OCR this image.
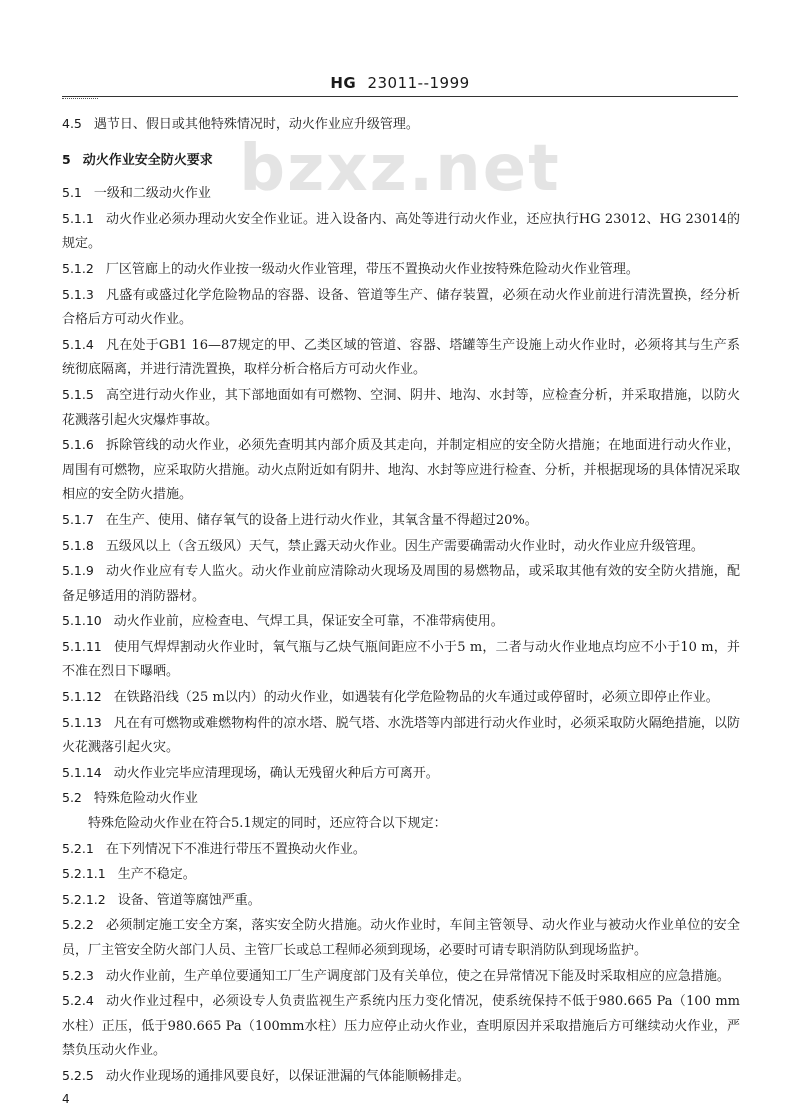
HG 23011--1999
bzxz.net

4.5 遇节日、假日或其他特殊情况时，动火作业应升级管理。

5 动火作业安全防火要求

5.1 一级和二级动火作业

5.1.1 动火作业必须办理动火安全作业证。进入设备内、高处等进行动火作业，还应执行HG 23012、HG 23014的规定。

5.1.2 厂区管廊上的动火作业按一级动火作业管理，带压不置换动火作业按特殊危险动火作业管理。

5.1.3 凡盛有或盛过化学危险物品的容器、设备、管道等生产、储存装置，必须在动火作业前进行清洗置换，经分析合格后方可动火作业。

5.1.4 凡在处于GB1 16—87规定的甲、乙类区域的管道、容器、塔罐等生产设施上动火作业时，必须将其与生产系统彻底隔离，并进行清洗置换，取样分析合格后方可动火作业。

5.1.5 高空进行动火作业，其下部地面如有可燃物、空洞、阴井、地沟、水封等，应检查分析，并采取措施，以防火花溅落引起火灾爆炸事故。

5.1.6 拆除管线的动火作业，必须先查明其内部介质及其走向，并制定相应的安全防火措施；在地面进行动火作业，周围有可燃物，应采取防火措施。动火点附近如有阴井、地沟、水封等应进行检查、分析，并根据现场的具体情况采取相应的安全防火措施。

5.1.7 在生产、使用、储存氧气的设备上进行动火作业，其氧含量不得超过20%。

5.1.8 五级风以上（含五级风）天气，禁止露天动火作业。因生产需要确需动火作业时，动火作业应升级管理。

5.1.9 动火作业应有专人监火。动火作业前应清除动火现场及周围的易燃物品，或采取其他有效的安全防火措施，配备足够适用的消防器材。

5.1.10 动火作业前，应检查电、气焊工具，保证安全可靠，不准带病使用。

5.1.11 使用气焊焊割动火作业时，氧气瓶与乙炔气瓶间距应不小于5 m，二者与动火作业地点均应不小于10 m，并不准在烈日下曝晒。

5.1.12 在铁路沿线（25 m以内）的动火作业，如遇装有化学危险物品的火车通过或停留时，必须立即停止作业。

5.1.13 凡在有可燃物或难燃物构件的凉水塔、脱气塔、水洗塔等内部进行动火作业时，必须采取防火隔绝措施，以防火花溅落引起火灾。

5.1.14 动火作业完毕应清理现场，确认无残留火种后方可离开。

5.2 特殊危险动火作业

特殊危险动火作业在符合5.1规定的同时，还应符合以下规定：

5.2.1 在下列情况下不准进行带压不置换动火作业。

5.2.1.1 生产不稳定。

5.2.1.2 设备、管道等腐蚀严重。

5.2.2 必须制定施工安全方案，落实安全防火措施。动火作业时，车间主管领导、动火作业与被动火作业单位的安全员，厂主管安全防火部门人员、主管厂长或总工程师必须到现场，必要时可请专职消防队到现场监护。

5.2.3 动火作业前，生产单位要通知工厂生产调度部门及有关单位，使之在异常情况下能及时采取相应的应急措施。

5.2.4 动火作业过程中，必须设专人负责监视生产系统内压力变化情况，使系统保持不低于980.665 Pa（100 mm水柱）正压，低于980.665 Pa（100mm水柱）压力应停止动火作业，查明原因并采取措施后方可继续动火作业，严禁负压动火作业。

5.2.5 动火作业现场的通排风要良好，以保证泄漏的气体能顺畅排走。

4
